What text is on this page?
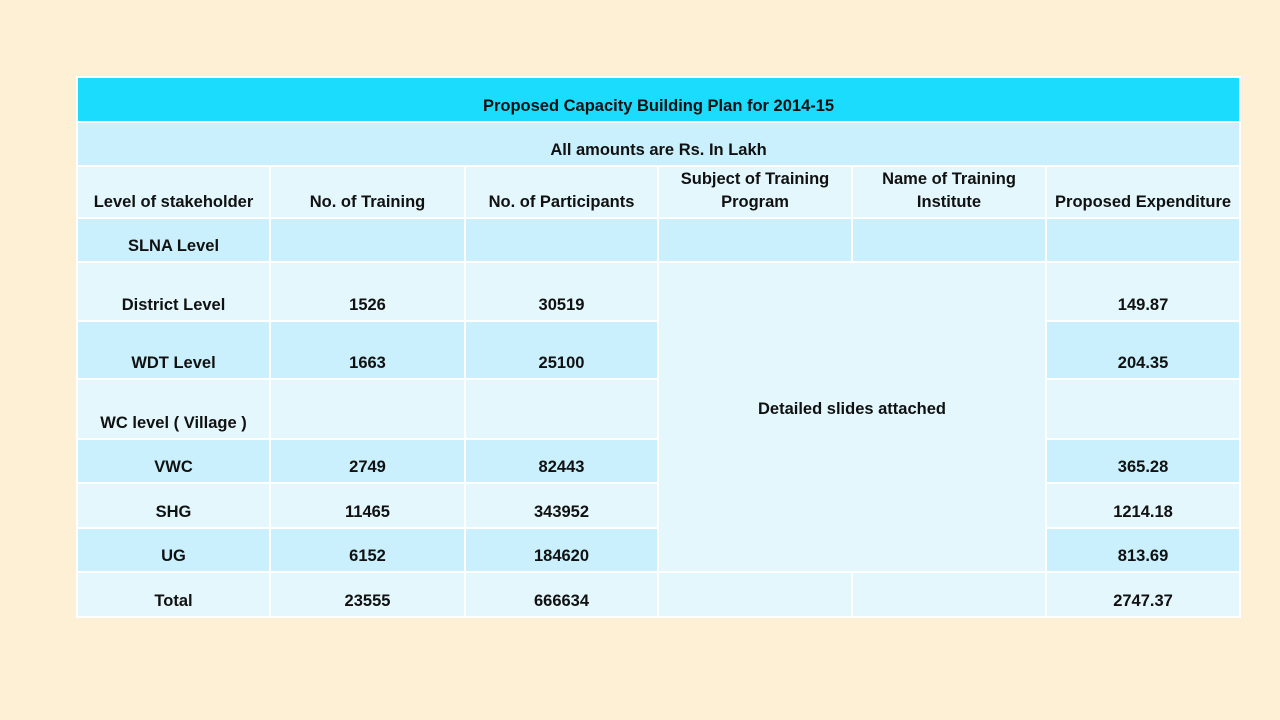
Proposed Capacity Building Plan for 2014-15					
All amounts are Rs. In Lakh					
Level of stakeholder	No. of Training	No. of Participants	Subject of Training Program	Name of Training Institute	Proposed Expenditure
SLNA Level					
District Level	1526	30519	Detailed slides attached		149.87
WDT Level	1663	25100			204.35
WC level ( Village )					
VWC	2749	82443			365.28
SHG	11465	343952			1214.18
UG	6152	184620			813.69
Total	23555	666634			2747.37
